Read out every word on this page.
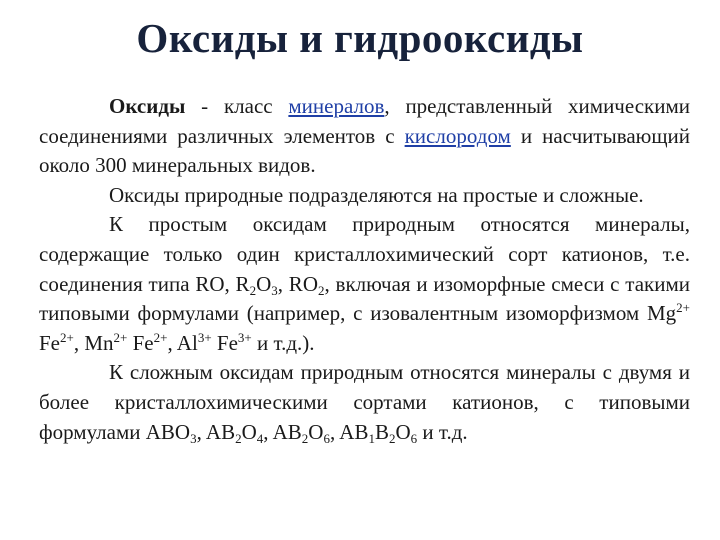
Оксиды и гидрооксиды

Оксиды - класс минералов, представленный химическими соединениями различных элементов с кислородом и насчитывающий около 300 минеральных видов.

Оксиды природные подразделяются на простые и сложные.

К простым оксидам природным относятся минералы, содержащие только один кристаллохимический сорт катионов, т.е. соединения типа RO, $R_2O_3$, $RO_2$, включая и изоморфные смеси с такими типовыми формулами (например, с изовалентным изоморфизмом $Mg^{2+}$ $Fe^{2+}$, $Mn^{2+}$ $Fe^{2+}$, $Al^{3+}$ $Fe^{3+}$ и т.д.).

К сложным оксидам природным относятся минералы с двумя и более кристаллохимическими сортами катионов, с типовыми формулами $ABO_3$, $AB_2O_4$, $AB_2O_6$, $AB_1B_2O_6$ и т.д.
